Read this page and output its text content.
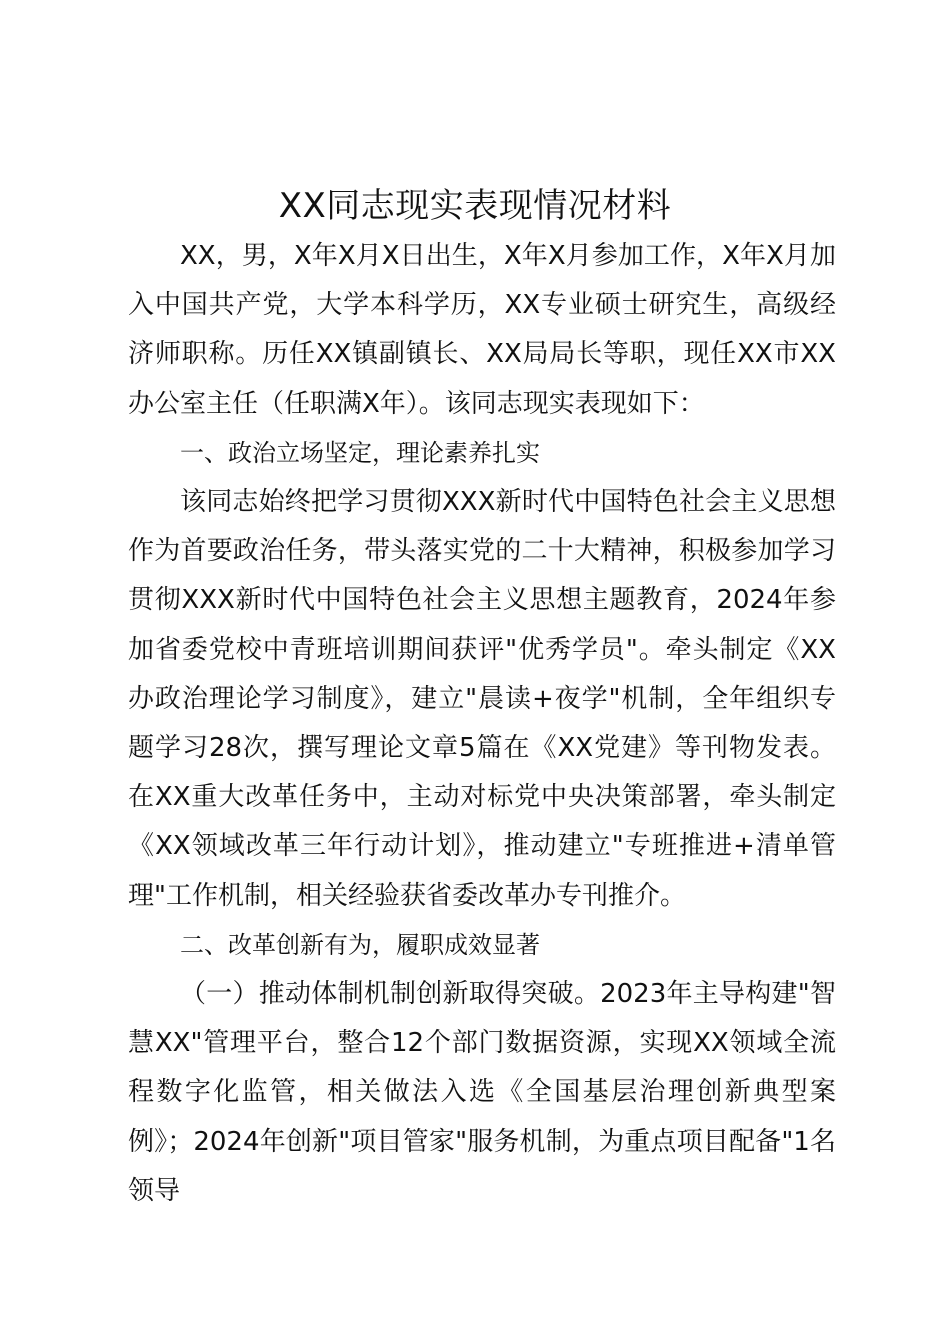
XX同志现实表现情况材料

XX，男，X年X月X日出生，X年X月参加工作，X年X月加入中国共产党，大学本科学历，XX专业硕士研究生，高级经济师职称。历任XX镇副镇长、XX局局长等职，现任XX市XX办公室主任（任职满X年）。该同志现实表现如下：

一、政治立场坚定，理论素养扎实

该同志始终把学习贯彻XXX新时代中国特色社会主义思想作为首要政治任务，带头落实党的二十大精神，积极参加学习贯彻XXX新时代中国特色社会主义思想主题教育，2024年参加省委党校中青班培训期间获评"优秀学员"。牵头制定《XX办政治理论学习制度》，建立"晨读+夜学"机制，全年组织专题学习28次，撰写理论文章5篇在《XX党建》等刊物发表。在XX重大改革任务中，主动对标党中央决策部署，牵头制定《XX领域改革三年行动计划》，推动建立"专班推进+清单管理"工作机制，相关经验获省委改革办专刊推介。

二、改革创新有为，履职成效显著

（一）推动体制机制创新取得突破。2023年主导构建"智慧XX"管理平台，整合12个部门数据资源，实现XX领域全流程数字化监管，相关做法入选《全国基层治理创新典型案例》；2024年创新"项目管家"服务机制，为重点项目配备"1名领导
